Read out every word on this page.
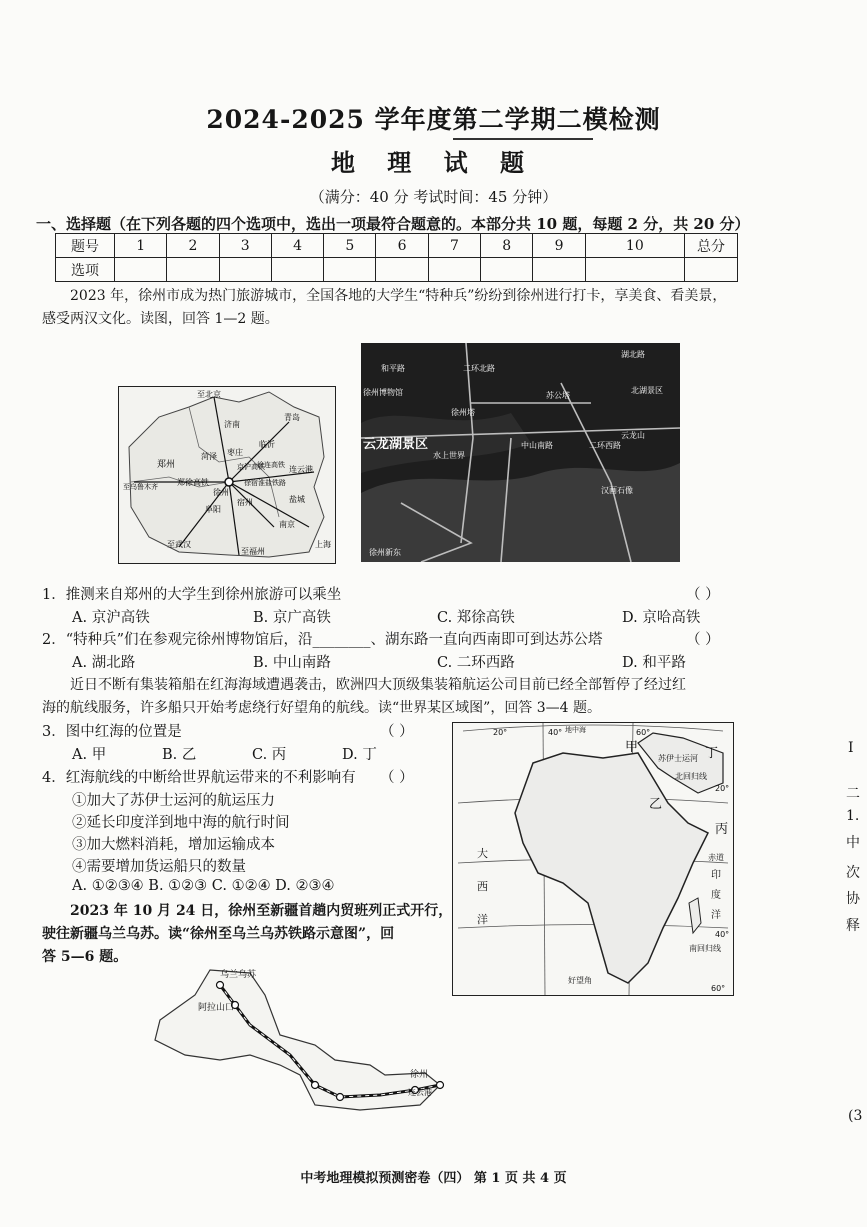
2024-2025 学年度第二学期二模检测
地 理 试 题
（满分：40 分 考试时间：45 分钟）
一、选择题（在下列各题的四个选项中，选出一项最符合题意的。本部分共 10 题，每题 2 分，共 20 分）
题号	1	2	3	4	5	6	7	8	9	10	总分
选项											
2023 年，徐州市成为热门旅游城市，全国各地的大学生“特种兵”纷纷到徐州进行打卡，享美食、看美景，
感受两汉文化。读图，回答 1—2 题。
至北京
济南
青岛
郑州
菏泽 枣庄
临沂
连云港
至乌鲁木齐 郑徐高铁
徐州
盐城
阜阳
宿州
南京
上海
至武汉
至福州
京沪高铁
徐连高铁
徐宿淮盐铁路
二环北路
和平路
徐州博物馆
湖北路
北湖景区
云龙湖景区
徐州塔
水上世界
中山南路
苏公塔
二环西路
汉画石像
云龙山
徐州新东
1．推测来自郑州的大学生到徐州旅游可以乘坐	（ ）
A. 京沪高铁	B. 京广高铁	C. 郑徐高铁	D. 京哈高铁
2．“特种兵”们在参观完徐州博物馆后，沿________、湖东路一直向西南即可到达苏公塔	（ ）
A. 湖北路	B. 中山南路	C. 二环西路	D. 和平路
近日不断有集装箱船在红海海域遭遇袭击，欧洲四大顶级集装箱航运公司目前已经全部暂停了经过红
海的航线服务，许多船只开始考虑绕行好望角的航线。读“世界某区域图”，回答 3—4 题。
3．图中红海的位置是	（ ）
A. 甲	B. 乙	C. 丙	D. 丁
4．红海航线的中断给世界航运带来的不利影响有 （ ）
①加大了苏伊士运河的航运压力
②延长印度洋到地中海的航行时间
③加大燃料消耗，增加运输成本
④需要增加货运船只的数量
A. ①②③④ B. ①②③ C. ①②④ D. ②③④
20°	40°	60°
甲
乙
丙
丁
苏伊士运河
北回归线
赤道
大
西
洋
印
度
洋
南回归线
好望角
20°
40°
60°
地中海
2023 年 10 月 24 日，徐州至新疆首趟内贸班列正式开行，
驶往新疆乌兰乌苏。读“徐州至乌兰乌苏铁路示意图”，回
答 5—6 题。
乌兰乌苏
阿拉山口
徐州
连云港
I
二
1.
中
次
协
释
(3
中考地理模拟预测密卷（四） 第 1 页 共 4 页
